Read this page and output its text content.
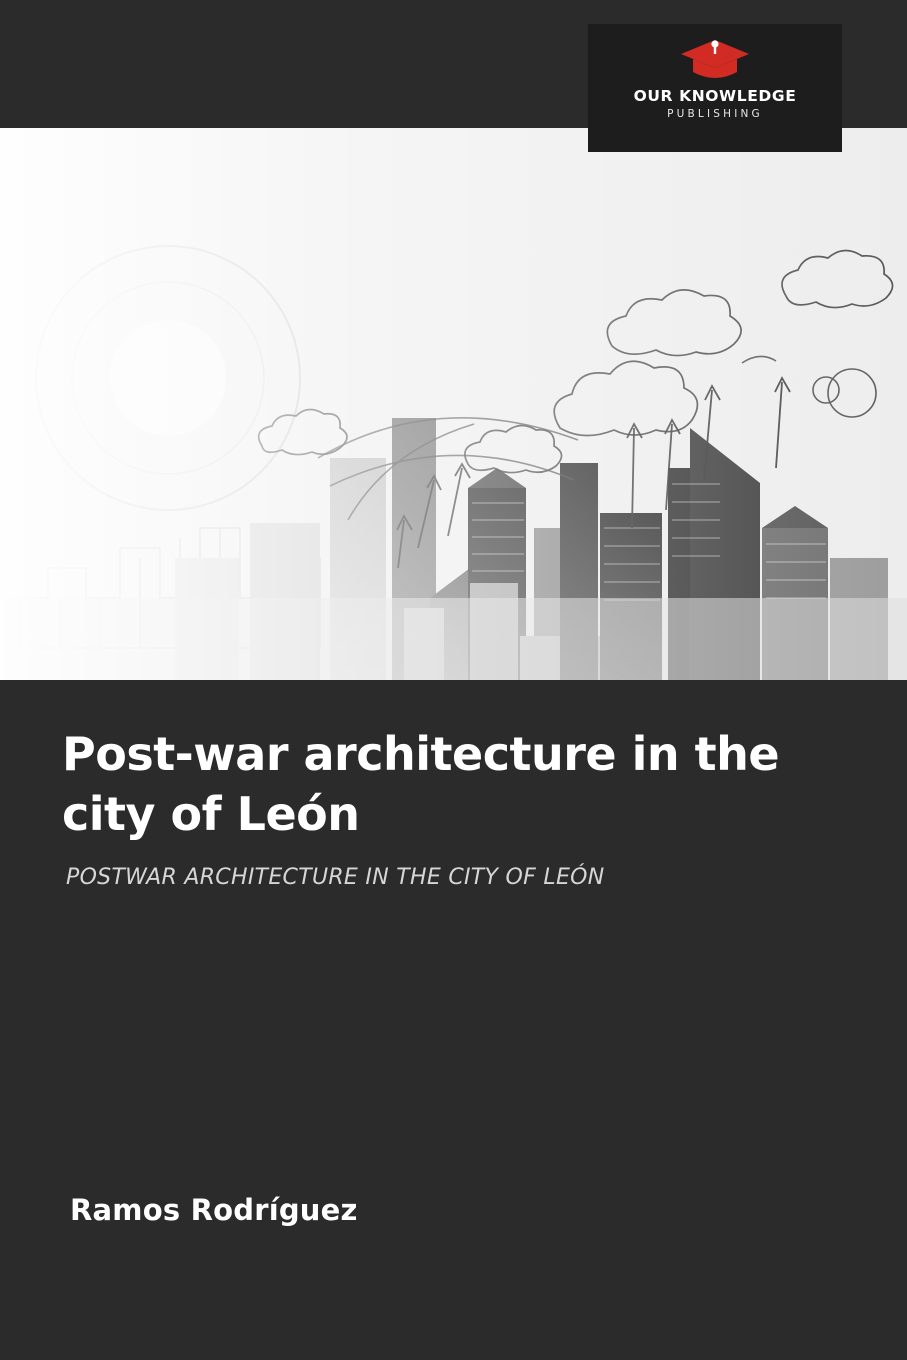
OUR KNOWLEDGE
PUBLISHING
Post-war architecture in the city of León
POSTWAR ARCHITECTURE IN THE CITY OF LEÓN
Ramos Rodríguez
